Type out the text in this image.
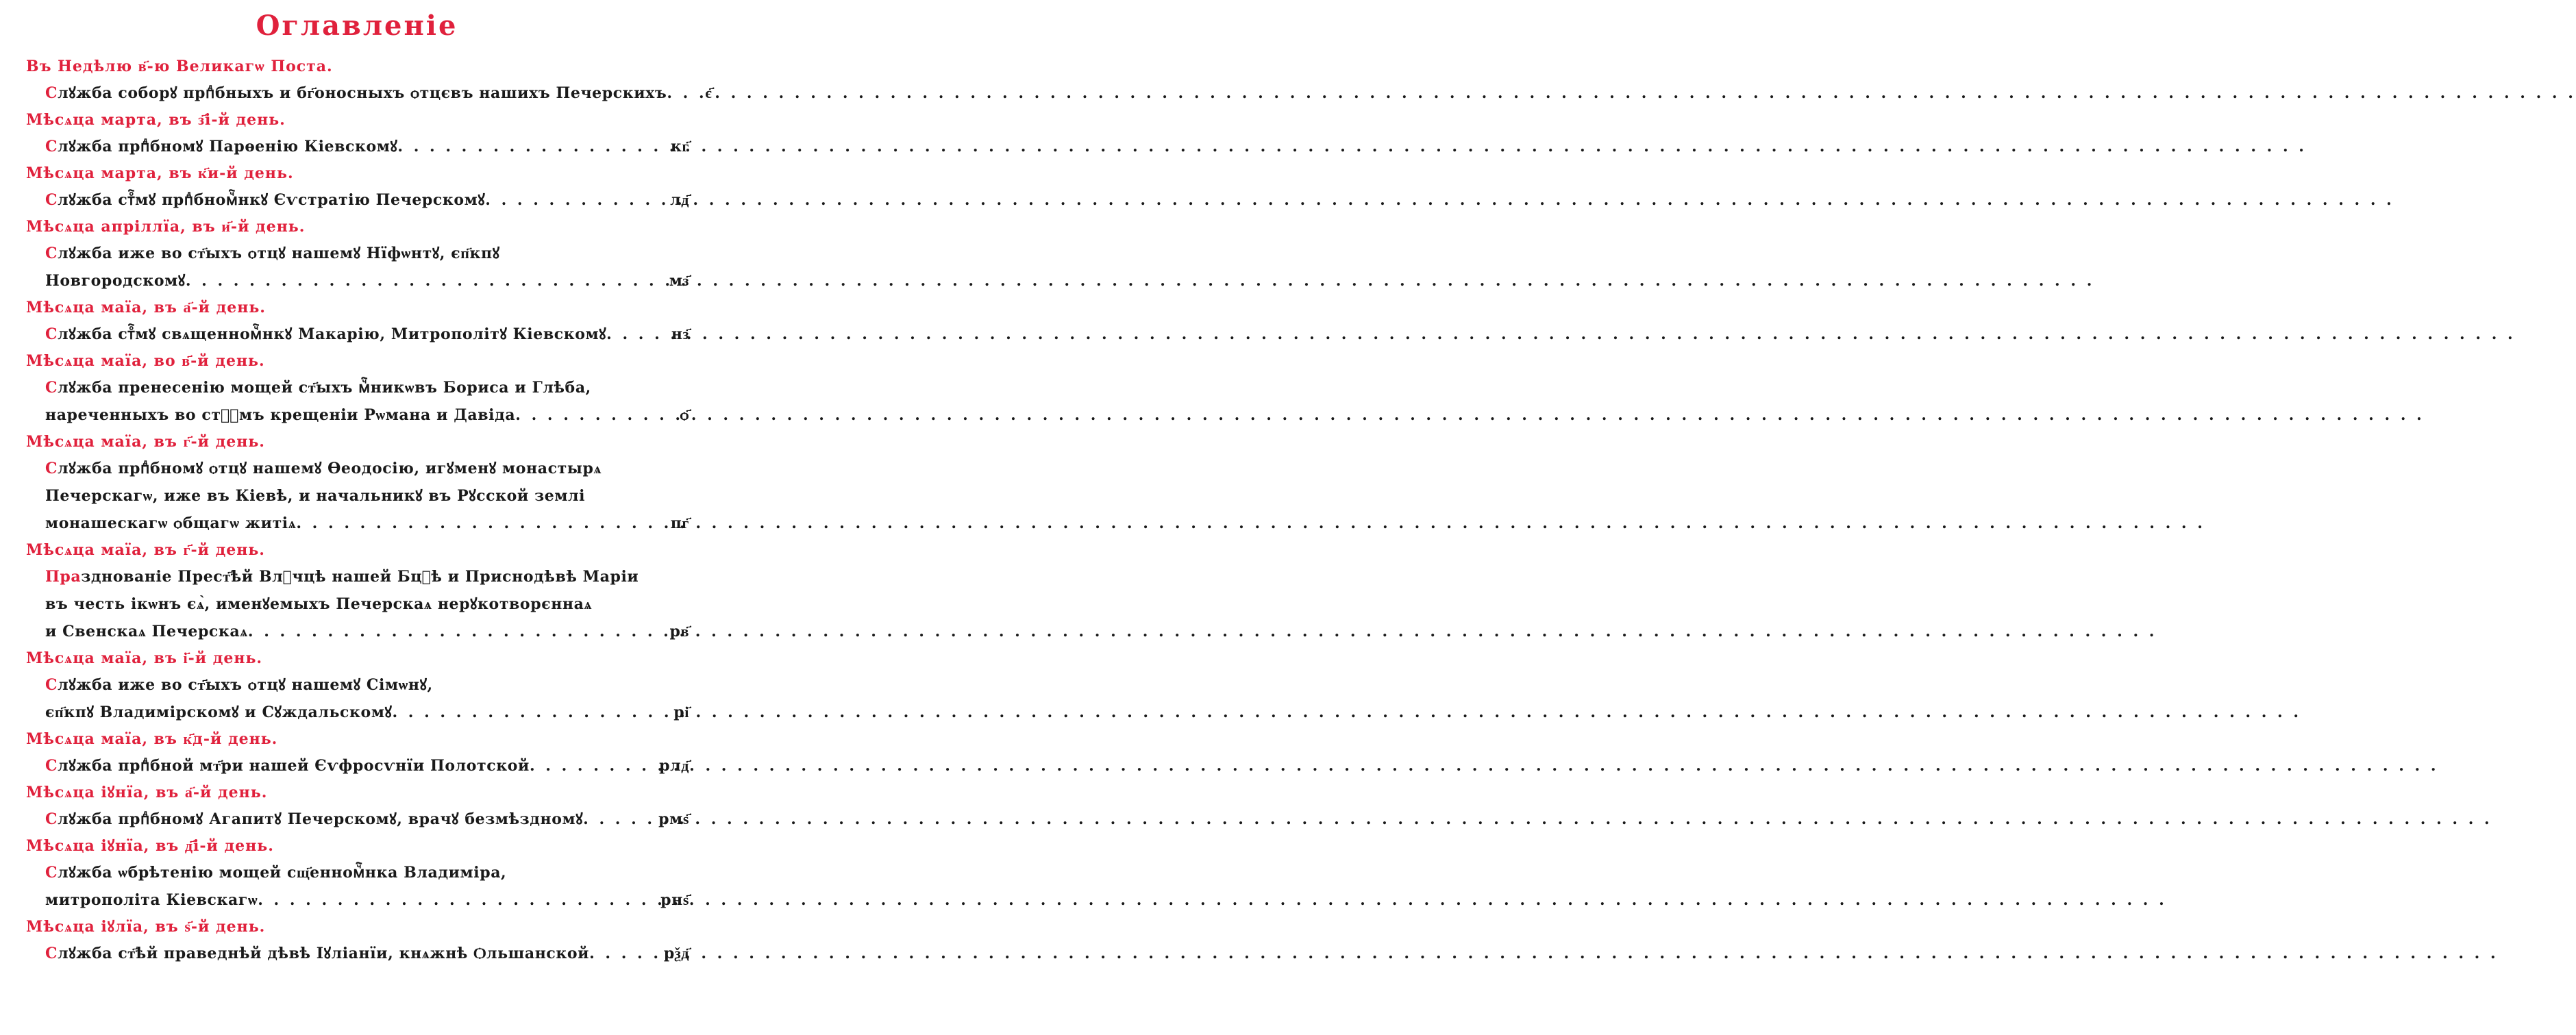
Оглавленіе
Въ Недѣлю в҃-ю Великагѡ Поста.
Слꙋжба соборꙋ прпⷣбныхъ и бг҃оносныхъ ѻтцєвъ нашихъ Печерскихъ . . .	є҃
Мѣсѧца марта, въ з҃і-й день.
Слꙋжба прпⷣбномꙋ Парѳенію Кіевскомꙋ . . .	кг҃
Мѣсѧца марта, въ к҃и-й день.
Слꙋжба стⷪ҇мꙋ прпⷣбномⷱ҇нкꙋ Єѵстратію Печерскомꙋ . . .	лд҃
Мѣсѧца апріллїа, въ и҃-й день.
Слꙋжба иже во ст҃ыхъ ѻтцꙋ нашемꙋ Нїфѡнтꙋ, єп҃кпꙋ
Новгородскомꙋ . . .	мз҃
Мѣсѧца маїа, въ а҃-й день.
Слꙋжба стⷪ҇мꙋ свѧщенномⷱ҇нкꙋ Макарію, Митрополітꙋ Кіевскомꙋ . . .	нз҃
Мѣсѧца маїа, во в҃-й день.
Слꙋжба пренесенію мощей ст҃ыхъ мⷱ҇никѡвъ Бориса и Глѣба,
нареченныхъ во стⷪ҇мъ крещеніи Рѡмана и Давіда . . .	ѻ҃
Мѣсѧца маїа, въ г҃-й день.
Слꙋжба прпⷣбномꙋ ѻтцꙋ нашемꙋ Ѳеодосію, игꙋменꙋ монастырѧ
Печерскагѡ, иже въ Кіевѣ, и начальникꙋ въ Рꙋсской землі
монашескагѡ ѻбщагѡ житіѧ . . .	пг҃
Мѣсѧца маїа, въ г҃-й день.
Празднованіе Прест҃ѣй Влⷣчцѣ нашей Бцⷣѣ и Приснодѣвѣ Маріи
въ честь ікѡнъ єѧ̀, именꙋемыхъ Печерскаѧ нерꙋкотворєннаѧ
и Свенскаѧ Печерскаѧ . . .	рв҃
Мѣсѧца маїа, въ і҃-й день.
Слꙋжба иже во ст҃ыхъ ѻтцꙋ нашемꙋ Сімѡнꙋ,
єп҃кпꙋ Владимірскомꙋ и Сꙋждальскомꙋ . . .	рі҃
Мѣсѧца маїа, въ к҃д-й день.
Слꙋжба прпⷣбной мт҃ри нашей Єѵфросѵнїи Полотской . . .	рлд҃
Мѣсѧца іꙋнїа, въ а҃-й день.
Слꙋжба прпⷣбномꙋ Агапитꙋ Печерскомꙋ, врачꙋ безмѣздномꙋ . . .	рмѕ҃
Мѣсѧца іꙋнїа, въ д҃і-й день.
Слꙋжба ѡбрѣтенію мощей сщ҃енномⷱ҇нка Владиміра,
митрополіта Кіевскагѡ . . .	рнѕ҃
Мѣсѧца іꙋлїа, въ ѕ҃-й день.
Слꙋжба ст҃ѣй праведнѣй дѣвѣ Іꙋліанїи, кнѧжнѣ Ѻльшанской . . .	рѯд҃
